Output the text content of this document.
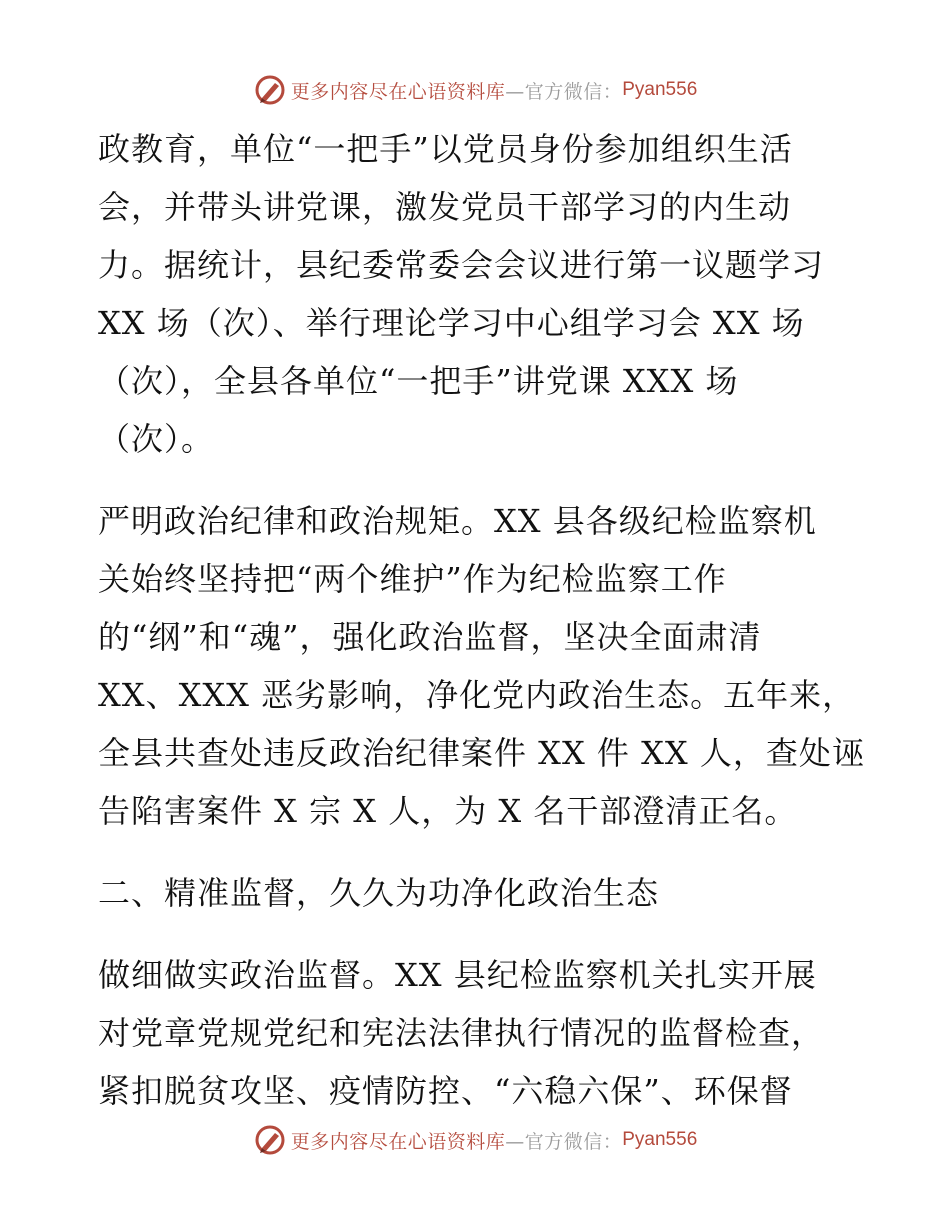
更多内容尽在心语资料库 —官方微信： Pyan556
政教育，单位“一把手”以党员身份参加组织生活
会，并带头讲党课，激发党员干部学习的内生动
力。据统计，县纪委常委会会议进行第一议题学习
XX 场（次）、举行理论学习中心组学习会 XX 场
（次），全县各单位“一把手”讲党课 XXX 场
（次）。
严明政治纪律和政治规矩。XX 县各级纪检监察机
关始终坚持把“两个维护”作为纪检监察工作
的“纲”和“魂”，强化政治监督，坚决全面肃清
XX、XXX 恶劣影响，净化党内政治生态。五年来，
全县共查处违反政治纪律案件 XX 件 XX 人，查处诬
告陷害案件 X 宗 X 人，为 X 名干部澄清正名。
二、精准监督，久久为功净化政治生态
做细做实政治监督。XX 县纪检监察机关扎实开展
对党章党规党纪和宪法法律执行情况的监督检查，
紧扣脱贫攻坚、疫情防控、“六稳六保”、环保督
更多内容尽在心语资料库 —官方微信： Pyan556
